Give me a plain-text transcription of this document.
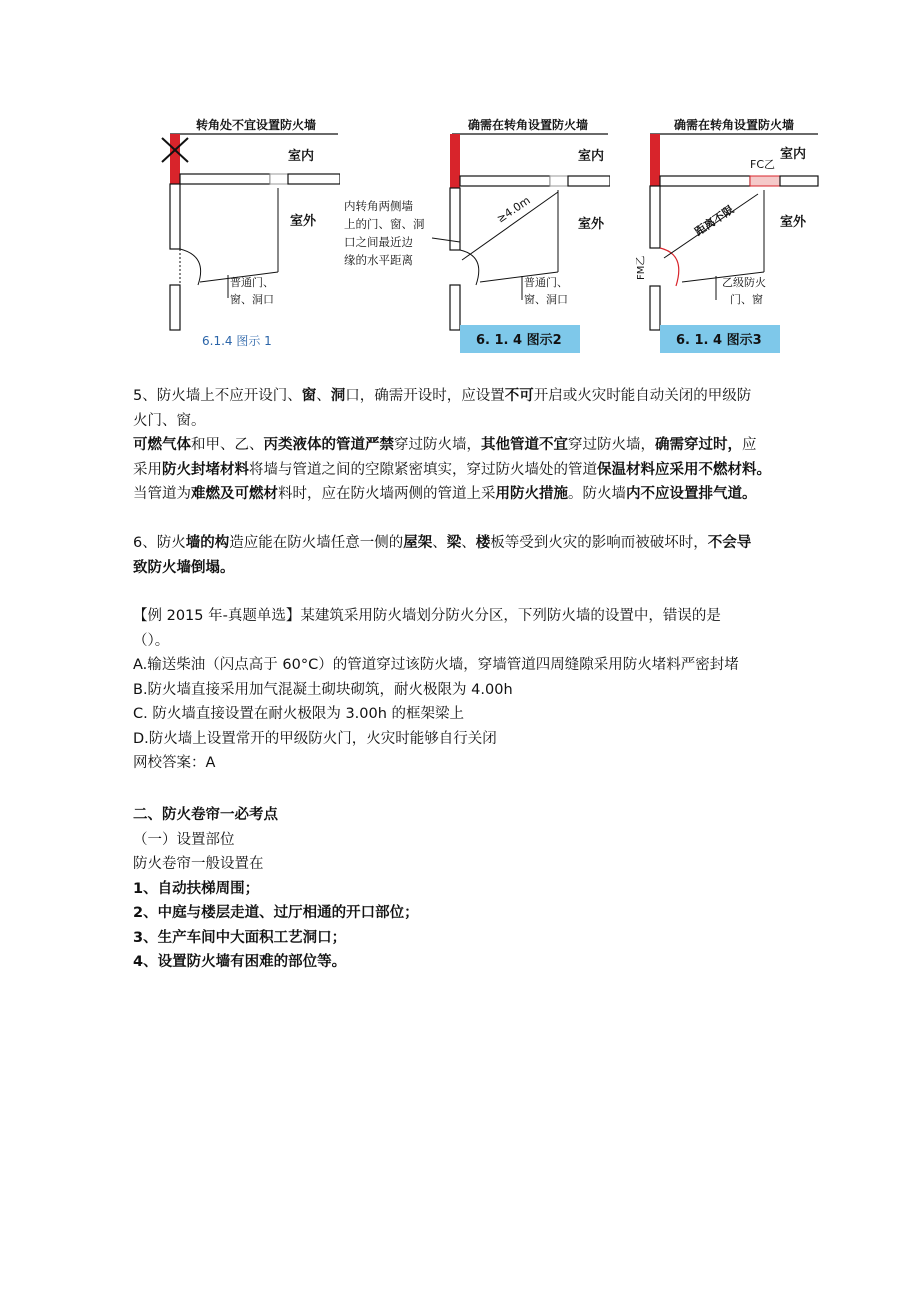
转角处不宜设置防火墙
室内
室外
普通门、
窗、洞口
6.1.4 图示 1
确需在转角设置防火墙
≥4.0m
室内
室外
内转角两侧墙
上的门、窗、洞
口之间最近边
缘的水平距离
普通门、
窗、洞口
6. 1. 4 图示2
确需在转角设置防火墙
距离不限
FC乙
FM乙
室内
室外
乙级防火
门、窗
6. 1. 4 图示3
5、防火墙上不应开设门、窗、洞口，确需开设时，应设置不可开启或火灾时能自动关闭的甲级防
火门、窗。
可燃气体和甲、乙、丙类液体的管道严禁穿过防火墙，其他管道不宜穿过防火墙，确需穿过时，应
采用防火封堵材料将墙与管道之间的空隙紧密填实，穿过防火墙处的管道保温材料应采用不燃材料。
当管道为难燃及可燃材料时，应在防火墙两侧的管道上采用防火措施。防火墙内不应设置排气道。
6、防火墙的构造应能在防火墙任意一侧的屋架、梁、楼板等受到火灾的影响而被破坏时，不会导
致防火墙倒塌。
【例 2015 年-真题单选】某建筑采用防火墙划分防火分区，下列防火墙的设置中，错误的是
（）。
A.输送柴油（闪点高于 60°C）的管道穿过该防火墙，穿墙管道四周缝隙采用防火堵料严密封堵
B.防火墙直接采用加气混凝土砌块砌筑，耐火极限为 4.00h
C. 防火墙直接设置在耐火极限为 3.00h 的框架梁上
D.防火墙上设置常开的甲级防火门，火灾时能够自行关闭
网校答案：A
二、防火卷帘一必考点
（一）设置部位
防火卷帘一般设置在
1、自动扶梯周围；
2、中庭与楼层走道、过厅相通的开口部位；
3、生产车间中大面积工艺洞口；
4、设置防火墙有困难的部位等。
